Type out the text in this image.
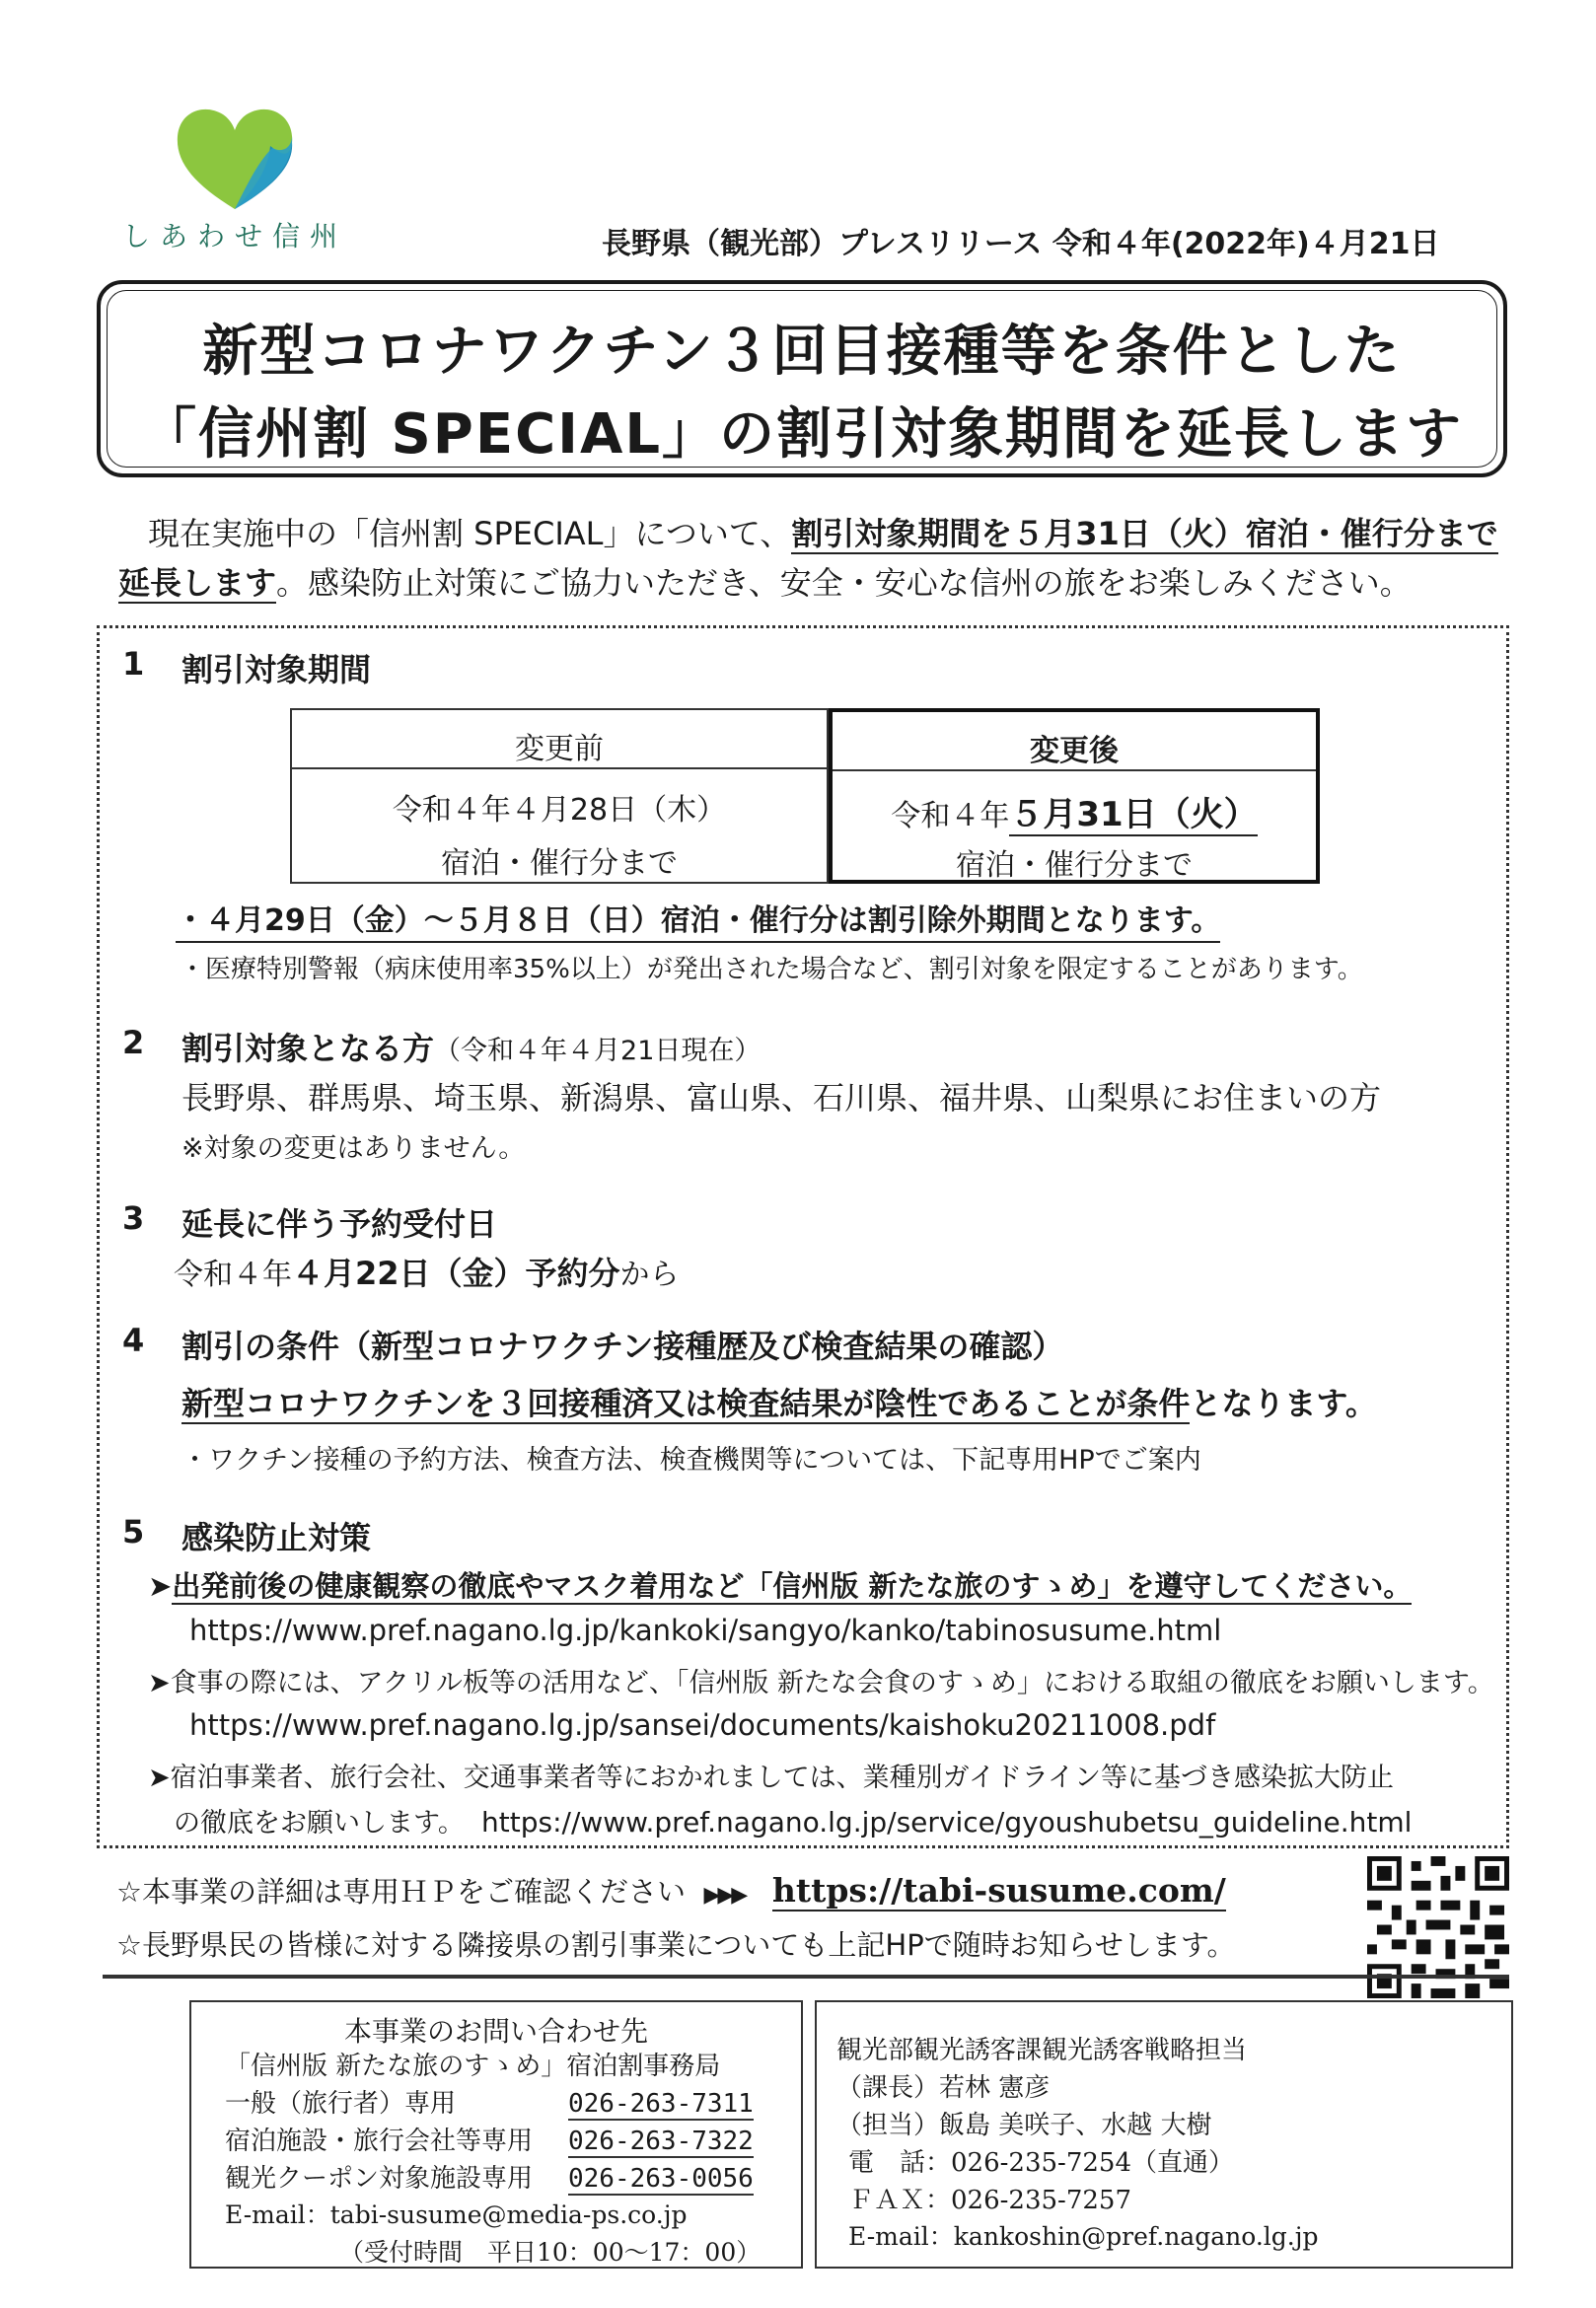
しあわせ信州	長野県（観光部）プレスリリース 令和４年(2022年)４月21日
新型コロナワクチン３回目接種等を条件とした
「信州割 SPECIAL」の割引対象期間を延長します
現在実施中の「信州割 SPECIAL」について、割引対象期間を５月31日（火）宿泊・催行分まで
延長します。感染防止対策にご協力いただき、安全・安心な信州の旅をお楽しみください。
1 割引対象期間
変更前
令和４年４月28日（木）
宿泊・催行分まで
変更後
令和４年５月31日（火）
宿泊・催行分まで
・４月29日（金）～５月８日（日）宿泊・催行分は割引除外期間となります。
・医療特別警報（病床使用率35%以上）が発出された場合など、割引対象を限定することがあります。
2 割引対象となる方（令和４年４月21日現在）
長野県、群馬県、埼玉県、新潟県、富山県、石川県、福井県、山梨県にお住まいの方
※対象の変更はありません。
3 延長に伴う予約受付日
令和４年４月22日（金）予約分から
4 割引の条件（新型コロナワクチン接種歴及び検査結果の確認）
新型コロナワクチンを３回接種済又は検査結果が陰性であることが条件となります。
・ワクチン接種の予約方法、検査方法、検査機関等については、下記専用HPでご案内
5 感染防止対策
➤出発前後の健康観察の徹底やマスク着用など「信州版 新たな旅のすゝめ」を遵守してください。
https://www.pref.nagano.lg.jp/kankoki/sangyo/kanko/tabinosusume.html
➤食事の際には、アクリル板等の活用など、「信州版 新たな会食のすゝめ」における取組の徹底をお願いします。
https://www.pref.nagano.lg.jp/sansei/documents/kaishoku20211008.pdf
➤宿泊事業者、旅行会社、交通事業者等におかれましては、業種別ガイドライン等に基づき感染拡大防止
の徹底をお願いします。 https://www.pref.nagano.lg.jp/service/gyoushubetsu_guideline.html
☆本事業の詳細は専用ＨＰをご確認ください ▶▶▶ https://tabi-susume.com/
☆長野県民の皆様に対する隣接県の割引事業についても上記HPで随時お知らせします。
本事業のお問い合わせ先
「信州版 新たな旅のすゝめ」宿泊割事務局
一般（旅行者）専用	026-263-7311
宿泊施設・旅行会社等専用 026-263-7322
観光クーポン対象施設専用 026-263-0056
E-mail：tabi-susume@media-ps.co.jp
（受付時間　平日10：00～17：00）
観光部観光誘客課観光誘客戦略担当
（課長）若林 憲彦
（担当）飯島 美咲子、水越 大樹
電　話：026-235-7254（直通）
ＦＡＸ：026-235-7257
E-mail：kankoshin@pref.nagano.lg.jp
